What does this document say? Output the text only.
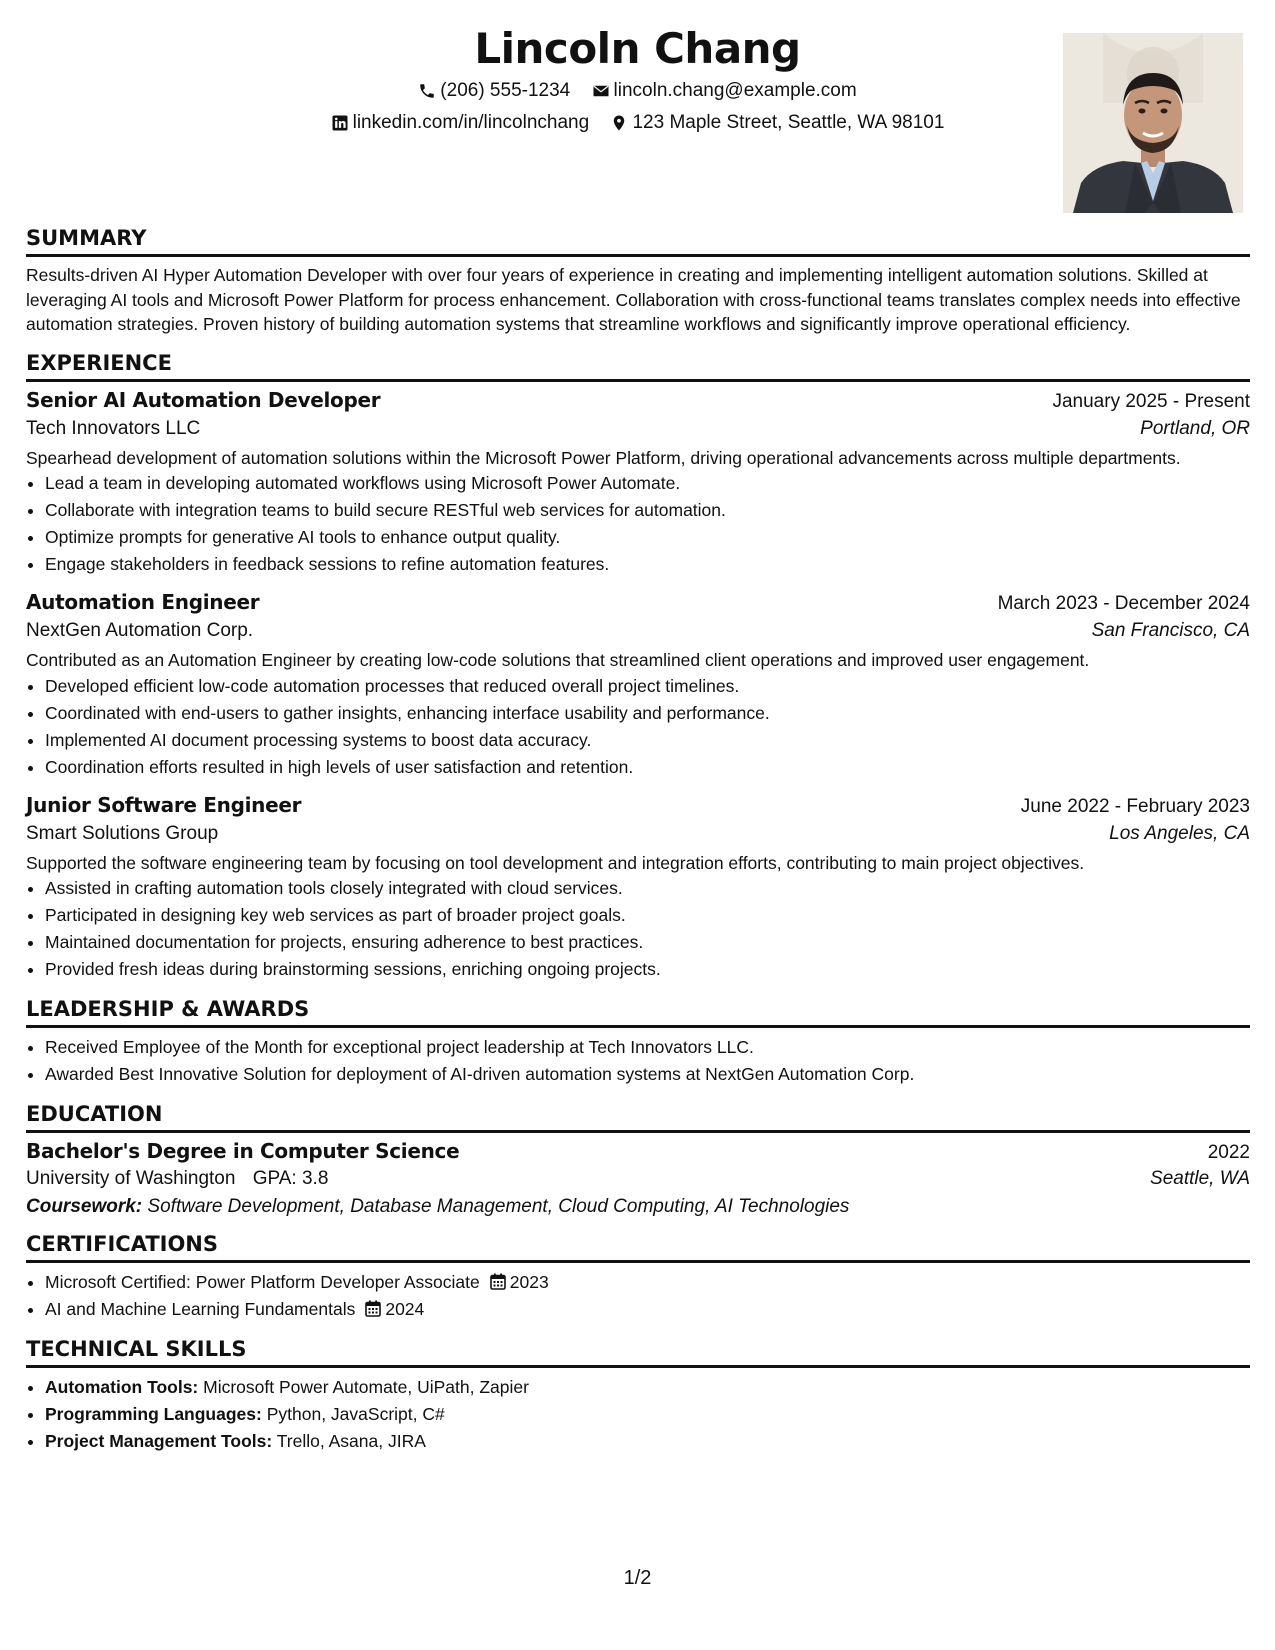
Lincoln Chang
(206) 555-1234
lincoln.chang@example.com
linkedin.com/in/lincolnchang
123 Maple Street, Seattle, WA 98101
SUMMARY

Results-driven AI Hyper Automation Developer with over four years of experience in creating and implementing intelligent automation solutions. Skilled at leveraging AI tools and Microsoft Power Platform for process enhancement. Collaboration with cross-functional teams translates complex needs into effective automation strategies. Proven history of building automation systems that streamline workflows and significantly improve operational efficiency.

EXPERIENCE
Senior AI Automation Developer	January 2025 - Present
Tech Innovators LLC	Portland, OR

Spearhead development of automation solutions within the Microsoft Power Platform, driving operational advancements across multiple departments.

• Lead a team in developing automated workflows using Microsoft Power Automate.
• Collaborate with integration teams to build secure RESTful web services for automation.
• Optimize prompts for generative AI tools to enhance output quality.
• Engage stakeholders in feedback sessions to refine automation features.
Automation Engineer	March 2023 - December 2024
NextGen Automation Corp.	San Francisco, CA

Contributed as an Automation Engineer by creating low-code solutions that streamlined client operations and improved user engagement.

• Developed efficient low-code automation processes that reduced overall project timelines.
• Coordinated with end-users to gather insights, enhancing interface usability and performance.
• Implemented AI document processing systems to boost data accuracy.
• Coordination efforts resulted in high levels of user satisfaction and retention.
Junior Software Engineer	June 2022 - February 2023
Smart Solutions Group	Los Angeles, CA

Supported the software engineering team by focusing on tool development and integration efforts, contributing to main project objectives.

• Assisted in crafting automation tools closely integrated with cloud services.
• Participated in designing key web services as part of broader project goals.
• Maintained documentation for projects, ensuring adherence to best practices.
• Provided fresh ideas during brainstorming sessions, enriching ongoing projects.
LEADERSHIP & AWARDS
• Received Employee of the Month for exceptional project leadership at Tech Innovators LLC.
• Awarded Best Innovative Solution for deployment of AI-driven automation systems at NextGen Automation Corp.
EDUCATION
Bachelor's Degree in Computer Science	2022
University of Washington GPA: 3.8	Seattle, WA
Coursework: Software Development, Database Management, Cloud Computing, AI Technologies
CERTIFICATIONS
• Microsoft Certified: Power Platform Developer Associate 2023
• AI and Machine Learning Fundamentals 2024
TECHNICAL SKILLS
• Automation Tools: Microsoft Power Automate, UiPath, Zapier
• Programming Languages: Python, JavaScript, C#
• Project Management Tools: Trello, Asana, JIRA
1/2
